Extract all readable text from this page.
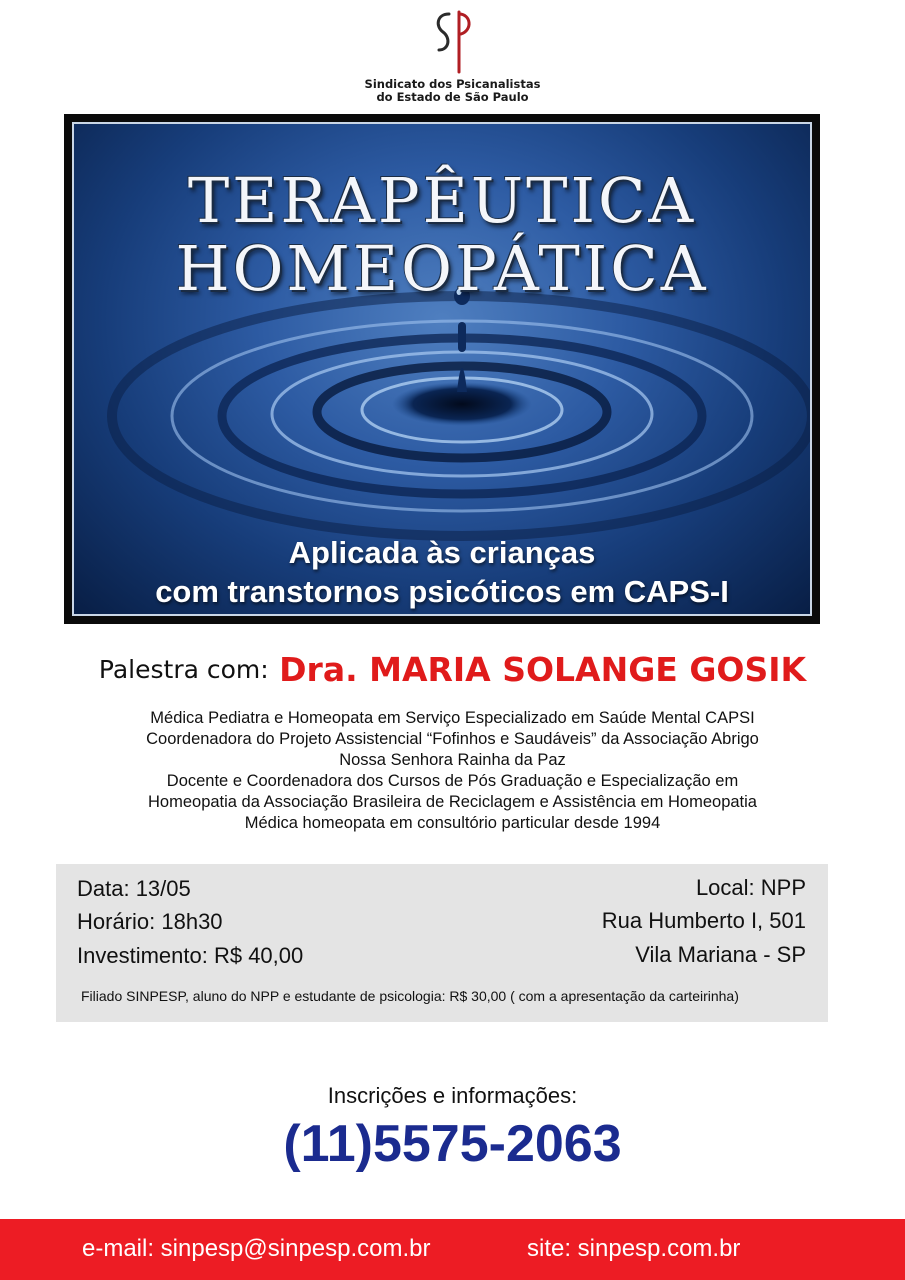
Sindicato dos Psicanalistas
do Estado de São Paulo
TERAPÊUTICA
HOMEOPÁTICA
Aplicada às crianças
com transtornos psicóticos em CAPS-I
Palestra com: Dra. MARIA SOLANGE GOSIK
Médica Pediatra e Homeopata em Serviço Especializado em Saúde Mental CAPSI
Coordenadora do Projeto Assistencial “Fofinhos e Saudáveis” da Associação Abrigo
Nossa Senhora Rainha da Paz
Docente e Coordenadora dos Cursos de Pós Graduação e Especialização em
Homeopatia da Associação Brasileira de Reciclagem e Assistência em Homeopatia
Médica homeopata em consultório particular desde 1994
Data: 13/05
Horário: 18h30
Investimento: R$ 40,00
Local: NPP
Rua Humberto I, 501
Vila Mariana - SP
Filiado SINPESP, aluno do NPP e estudante de psicologia: R$ 30,00 ( com a apresentação da carteirinha)
Inscrições e informações:
(11)5575-2063
e-mail: sinpesp@sinpesp.com.br	site: sinpesp.com.br
